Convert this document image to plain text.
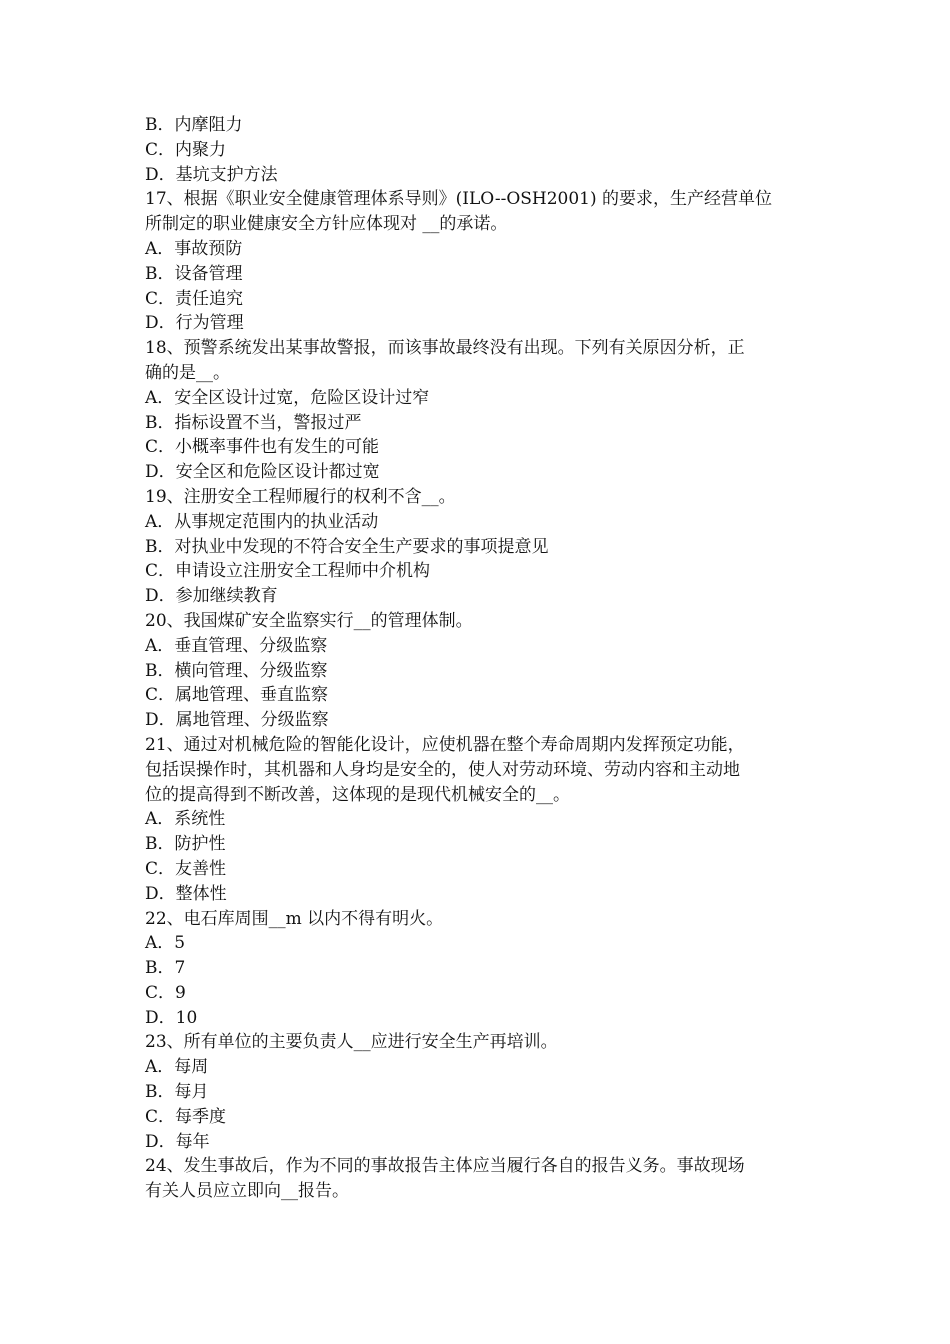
B．内摩阻力

C．内聚力

D．基坑支护方法

17、根据《职业安全健康管理体系导则》(ILO--OSH2001) 的要求，生产经营单位

所制定的职业健康安全方针应体现对 __的承诺。

A．事故预防

B．设备管理

C．责任追究

D．行为管理

18、预警系统发出某事故警报，而该事故最终没有出现。下列有关原因分析，正

确的是__。

A．安全区设计过宽，危险区设计过窄

B．指标设置不当，警报过严

C．小概率事件也有发生的可能

D．安全区和危险区设计都过宽

19、注册安全工程师履行的权利不含__。

A．从事规定范围内的执业活动

B．对执业中发现的不符合安全生产要求的事项提意见

C．申请设立注册安全工程师中介机构

D．参加继续教育

20、我国煤矿安全监察实行__的管理体制。

A．垂直管理、分级监察

B．横向管理、分级监察

C．属地管理、垂直监察

D．属地管理、分级监察

21、通过对机械危险的智能化设计，应使机器在整个寿命周期内发挥预定功能，

包括误操作时，其机器和人身均是安全的，使人对劳动环境、劳动内容和主动地

位的提高得到不断改善，这体现的是现代机械安全的__。

A．系统性

B．防护性

C．友善性

D．整体性

22、电石库周围__m 以内不得有明火。

A．5

B．7

C．9

D．10

23、所有单位的主要负责人__应进行安全生产再培训。

A．每周

B．每月

C．每季度

D．每年

24、发生事故后，作为不同的事故报告主体应当履行各自的报告义务。事故现场

有关人员应立即向__报告。
